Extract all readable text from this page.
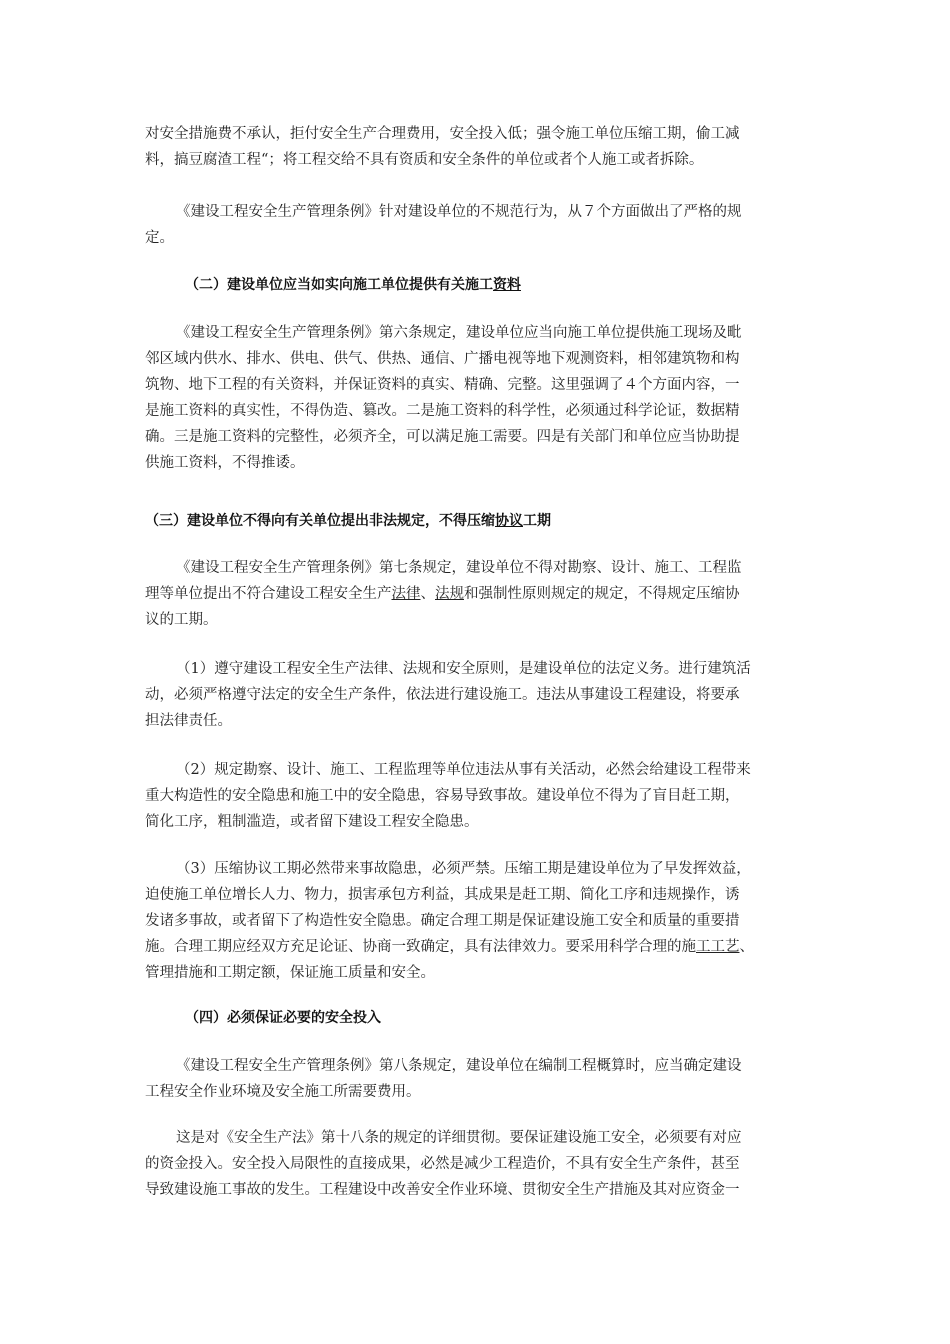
对安全措施费不承认，拒付安全生产合理费用，安全投入低；强令施工单位压缩工期，偷工减
料，搞豆腐渣工程“；将工程交给不具有资质和安全条件的单位或者个人施工或者拆除。
《建设工程安全生产管理条例》针对建设单位的不规范行为，从７个方面做出了严格的规
定。
（二）建设单位应当如实向施工单位提供有关施工资料
《建设工程安全生产管理条例》第六条规定，建设单位应当向施工单位提供施工现场及毗
邻区域内供水、排水、供电、供气、供热、通信、广播电视等地下观测资料，相邻建筑物和构
筑物、地下工程的有关资料，并保证资料的真实、精确、完整。这里强调了４个方面内容，一
是施工资料的真实性，不得伪造、篡改。二是施工资料的科学性，必须通过科学论证，数据精
确。三是施工资料的完整性，必须齐全，可以满足施工需要。四是有关部门和单位应当协助提
供施工资料，不得推诿。
（三）建设单位不得向有关单位提出非法规定，不得压缩协议工期
《建设工程安全生产管理条例》第七条规定，建设单位不得对勘察、设计、施工、工程监
理等单位提出不符合建设工程安全生产法律、法规和强制性原则规定的规定，不得规定压缩协
议的工期。
（1）遵守建设工程安全生产法律、法规和安全原则，是建设单位的法定义务。进行建筑活
动，必须严格遵守法定的安全生产条件，依法进行建设施工。违法从事建设工程建设，将要承
担法律责任。
（2）规定勘察、设计、施工、工程监理等单位违法从事有关活动，必然会给建设工程带来
重大构造性的安全隐患和施工中的安全隐患，容易导致事故。建设单位不得为了盲目赶工期，
简化工序，粗制滥造，或者留下建设工程安全隐患。
（3）压缩协议工期必然带来事故隐患，必须严禁。压缩工期是建设单位为了早发挥效益，
迫使施工单位增长人力、物力，损害承包方利益，其成果是赶工期、简化工序和违规操作，诱
发诸多事故，或者留下了构造性安全隐患。确定合理工期是保证建设施工安全和质量的重要措
施。合理工期应经双方充足论证、协商一致确定，具有法律效力。要采用科学合理的施工工艺、
管理措施和工期定额，保证施工质量和安全。
（四）必须保证必要的安全投入
《建设工程安全生产管理条例》第八条规定，建设单位在编制工程概算时，应当确定建设
工程安全作业环境及安全施工所需要费用。
这是对《安全生产法》第十八条的规定的详细贯彻。要保证建设施工安全，必须要有对应
的资金投入。安全投入局限性的直接成果，必然是减少工程造价，不具有安全生产条件，甚至
导致建设施工事故的发生。工程建设中改善安全作业环境、贯彻安全生产措施及其对应资金一
